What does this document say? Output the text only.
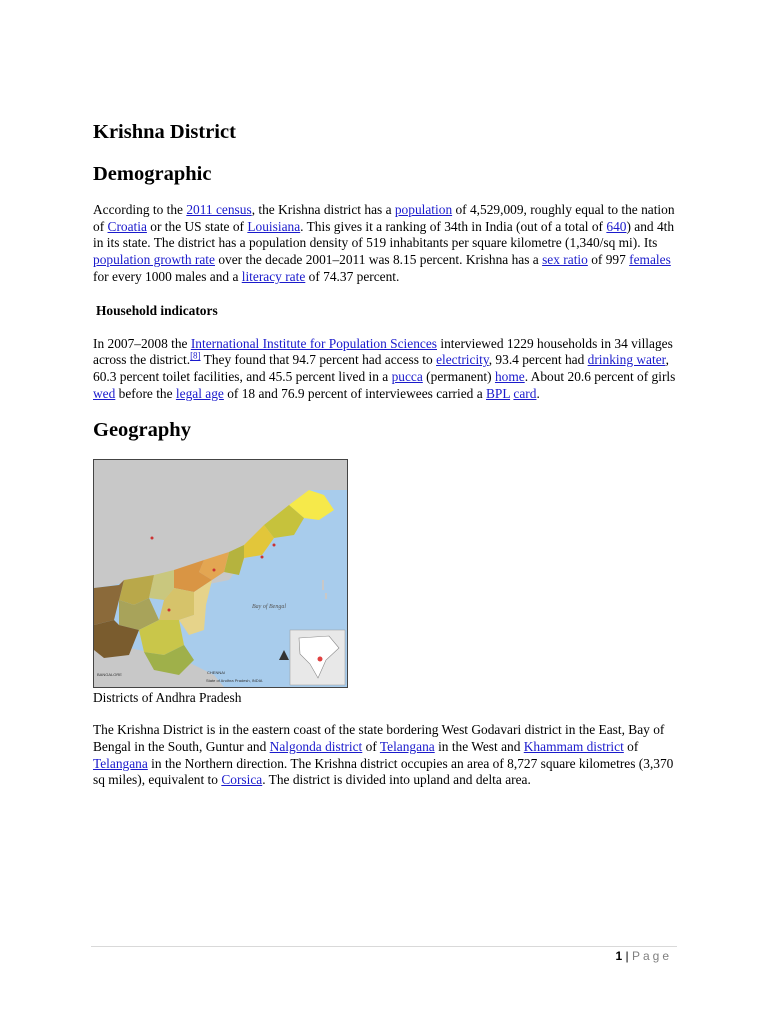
Krishna District
Demographic

According to the 2011 census, the Krishna district has a population of 4,529,009, roughly equal to the nation of Croatia or the US state of Louisiana. This gives it a ranking of 34th in India (out of a total of 640) and 4th in its state. The district has a population density of 519 inhabitants per square kilometre (1,340/sq mi). Its population growth rate over the decade 2001–2011 was 8.15 percent. Krishna has a sex ratio of 997 females for every 1000 males and a literacy rate of 74.37 percent.

Household indicators

In 2007–2008 the International Institute for Population Sciences interviewed 1229 households in 34 villages across the district.[8] They found that 94.7 percent had access to electricity, 93.4 percent had drinking water, 60.3 percent toilet facilities, and 45.5 percent lived in a pucca (permanent) home. About 20.6 percent of girls wed before the legal age of 18 and 76.9 percent of interviewees carried a BPL card.

Geography
Bay of Bengal
BANGALORE	CHENNAI
State of Andhra Pradesh, INDIA

Districts of Andhra Pradesh

The Krishna District is in the eastern coast of the state bordering West Godavari district in the East, Bay of Bengal in the South, Guntur and Nalgonda district of Telangana in the West and Khammam district of Telangana in the Northern direction. The Krishna district occupies an area of 8,727 square kilometres (3,370 sq miles), equivalent to Corsica. The district is divided into upland and delta area.

1 | Page
